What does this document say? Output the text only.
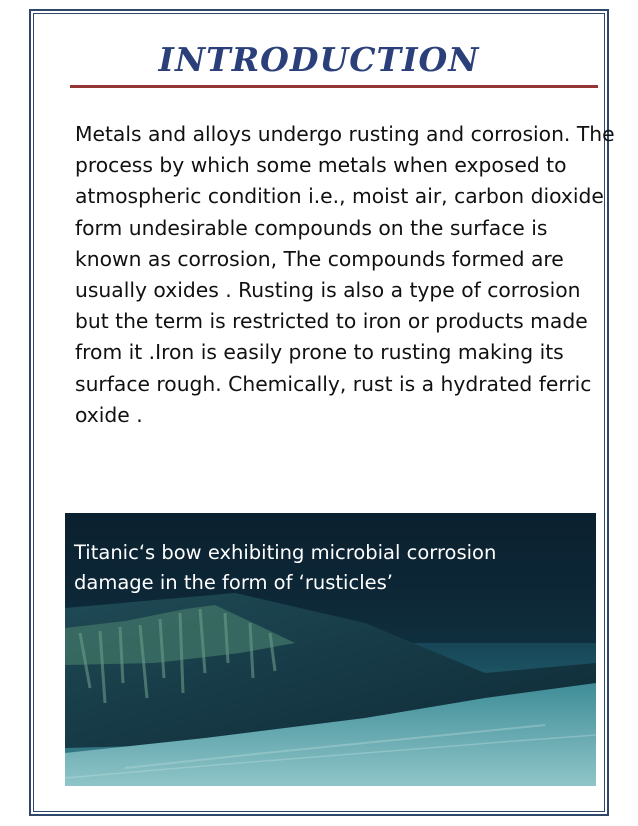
INTRODUCTION

Metals and alloys undergo rusting and corrosion. The process by which some metals when exposed to atmospheric condition i.e., moist air, carbon dioxide form undesirable compounds on the surface is known as corrosion, The compounds formed are usually oxides . Rusting is also a type of corrosion but the term is restricted to iron or products made from it .Iron is easily prone to rusting making its surface rough. Chemically, rust is a hydrated ferric oxide .

Titanic‘s bow exhibiting microbial corrosion damage in the form of ‘rusticles’
